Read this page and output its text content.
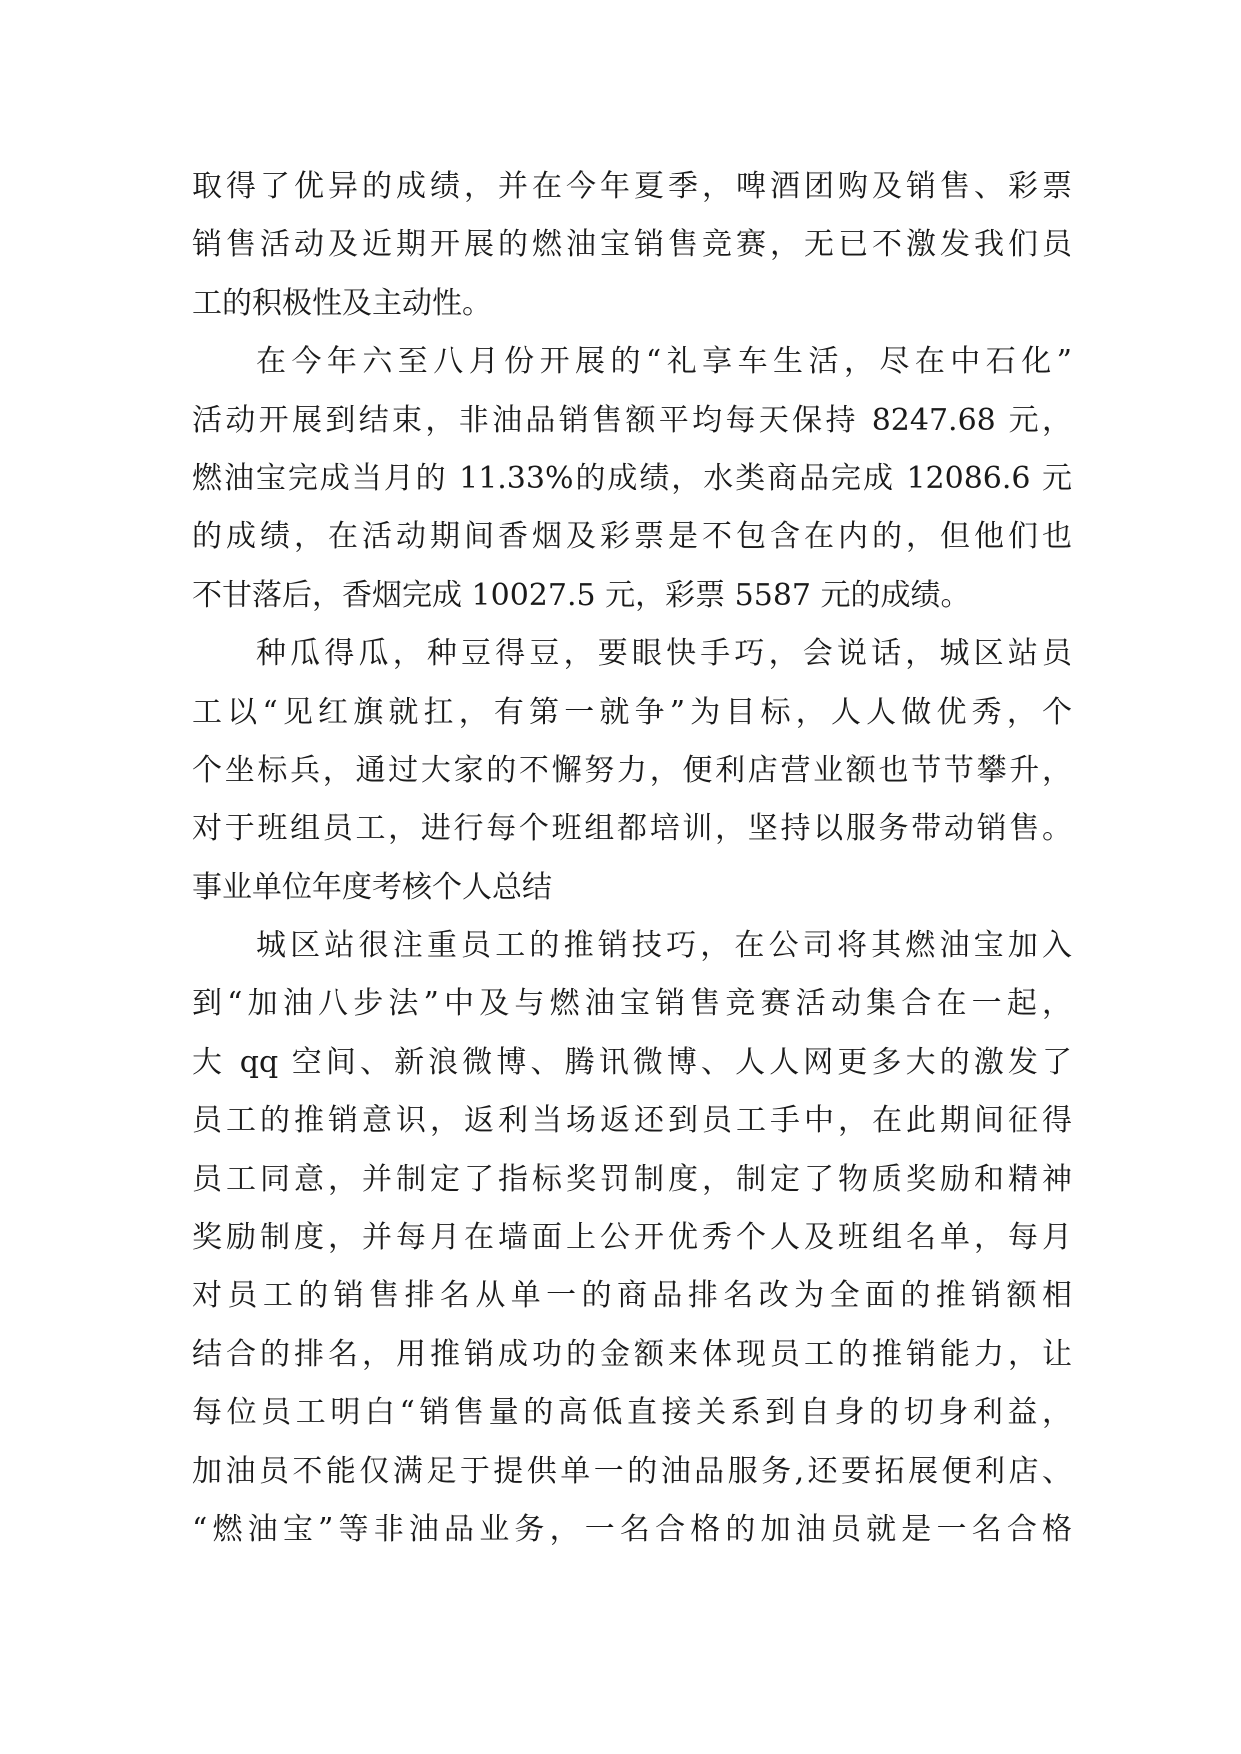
取得了优异的成绩，并在今年夏季，啤酒团购及销售、彩票
销售活动及近期开展的燃油宝销售竞赛，无已不激发我们员
工的积极性及主动性。
在今年六至八月份开展的“礼享车生活，尽在中石化”
活动开展到结束，非油品销售额平均每天保持 8247.68 元，
燃油宝完成当月的 11.33%的成绩，水类商品完成 12086.6 元
的成绩，在活动期间香烟及彩票是不包含在内的，但他们也
不甘落后，香烟完成 10027.5 元，彩票 5587 元的成绩。
种瓜得瓜，种豆得豆，要眼快手巧，会说话，城区站员
工以“见红旗就扛，有第一就争”为目标，人人做优秀，个
个坐标兵，通过大家的不懈努力，便利店营业额也节节攀升，
对于班组员工，进行每个班组都培训，坚持以服务带动销售。
事业单位年度考核个人总结
城区站很注重员工的推销技巧，在公司将其燃油宝加入
到“加油八步法”中及与燃油宝销售竞赛活动集合在一起，
大 qq 空间、新浪微博、腾讯微博、人人网更多大的激发了
员工的推销意识，返利当场返还到员工手中，在此期间征得
员工同意，并制定了指标奖罚制度，制定了物质奖励和精神
奖励制度，并每月在墙面上公开优秀个人及班组名单，每月
对员工的销售排名从单一的商品排名改为全面的推销额相
结合的排名，用推销成功的金额来体现员工的推销能力，让
每位员工明白“销售量的高低直接关系到自身的切身利益，
加油员不能仅满足于提供单一的油品服务,还要拓展便利店、
“燃油宝”等非油品业务，一名合格的加油员就是一名合格
